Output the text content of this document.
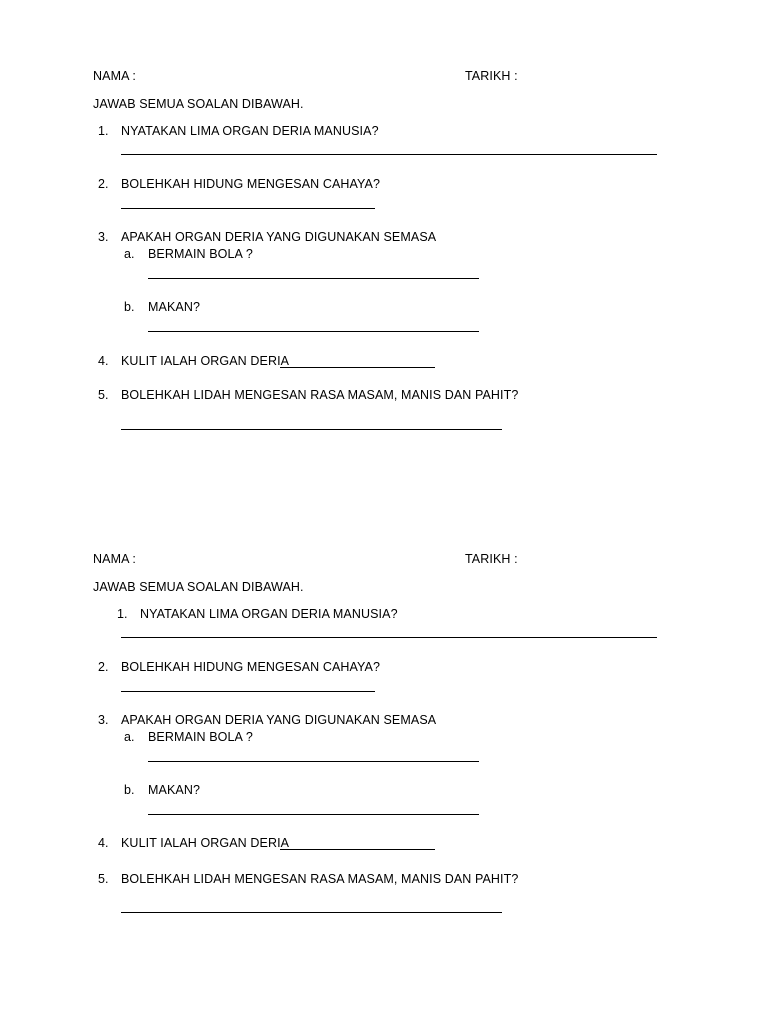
NAMA :	TARIKH :
JAWAB SEMUA SOALAN DIBAWAH.
1. NYATAKAN LIMA ORGAN DERIA MANUSIA?
2. BOLEHKAH HIDUNG MENGESAN CAHAYA?
3. APAKAH ORGAN DERIA YANG DIGUNAKAN SEMASA
a. BERMAIN BOLA ?
b. MAKAN?
4. KULIT IALAH ORGAN DERIA
5. BOLEHKAH LIDAH MENGESAN RASA MASAM, MANIS DAN PAHIT?
NAMA :	TARIKH :
JAWAB SEMUA SOALAN DIBAWAH.
1. NYATAKAN LIMA ORGAN DERIA MANUSIA?
2. BOLEHKAH HIDUNG MENGESAN CAHAYA?
3. APAKAH ORGAN DERIA YANG DIGUNAKAN SEMASA
a. BERMAIN BOLA ?
b. MAKAN?
4. KULIT IALAH ORGAN DERIA
5. BOLEHKAH LIDAH MENGESAN RASA MASAM, MANIS DAN PAHIT?
